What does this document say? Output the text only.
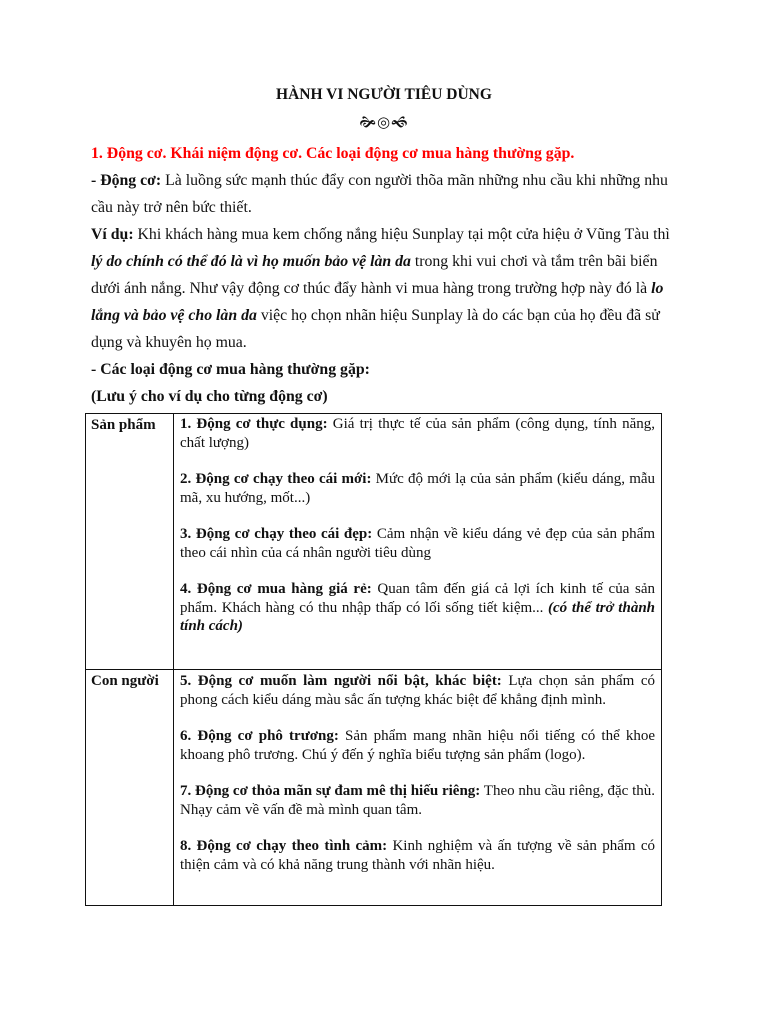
HÀNH VI NGƯỜI TIÊU DÙNG
🙞◎🙜

1. Động cơ. Khái niệm động cơ. Các loại động cơ mua hàng thường gặp.

- Động cơ: Là luồng sức mạnh thúc đẩy con người thõa mãn những nhu cầu khi những nhu cầu này trở nên bức thiết.

Ví dụ: Khi khách hàng mua kem chống nắng hiệu Sunplay tại một cửa hiệu ở Vũng Tàu thì lý do chính có thể đó là vì họ muốn bảo vệ làn da trong khi vui chơi và tắm trên bãi biển dưới ánh nắng. Như vậy động cơ thúc đẩy hành vi mua hàng trong trường hợp này đó là lo lắng và bảo vệ cho làn da việc họ chọn nhãn hiệu Sunplay là do các bạn của họ đều đã sử dụng và khuyên họ mua.

- Các loại động cơ mua hàng thường gặp:

(Lưu ý cho ví dụ cho từng động cơ)

Sản phẩm	1. Động cơ thực dụng: Giá trị thực tế của sản phẩm (công dụng, tính năng, chất lượng)
2. Động cơ chạy theo cái mới: Mức độ mới lạ của sản phẩm (kiểu dáng, mẫu mã, xu hướng, mốt...)
3. Động cơ chạy theo cái đẹp: Cảm nhận về kiểu dáng vẻ đẹp của sản phẩm theo cái nhìn của cá nhân người tiêu dùng
4. Động cơ mua hàng giá rẻ: Quan tâm đến giá cả lợi ích kinh tế của sản phẩm. Khách hàng có thu nhập thấp có lối sống tiết kiệm... (có thể trở thành tính cách)

Con người	5. Động cơ muốn làm người nổi bật, khác biệt: Lựa chọn sản phẩm có phong cách kiểu dáng màu sắc ấn tượng khác biệt để khẳng định mình.
6. Động cơ phô trương: Sản phẩm mang nhãn hiệu nổi tiếng có thể khoe khoang phô trương. Chú ý đến ý nghĩa biểu tượng sản phẩm (logo).
7. Động cơ thỏa mãn sự đam mê thị hiếu riêng: Theo nhu cầu riêng, đặc thù. Nhạy cảm về vấn đề mà mình quan tâm.
8. Động cơ chạy theo tình cảm: Kinh nghiệm và ấn tượng về sản phẩm có thiện cảm và có khả năng trung thành với nhãn hiệu.
